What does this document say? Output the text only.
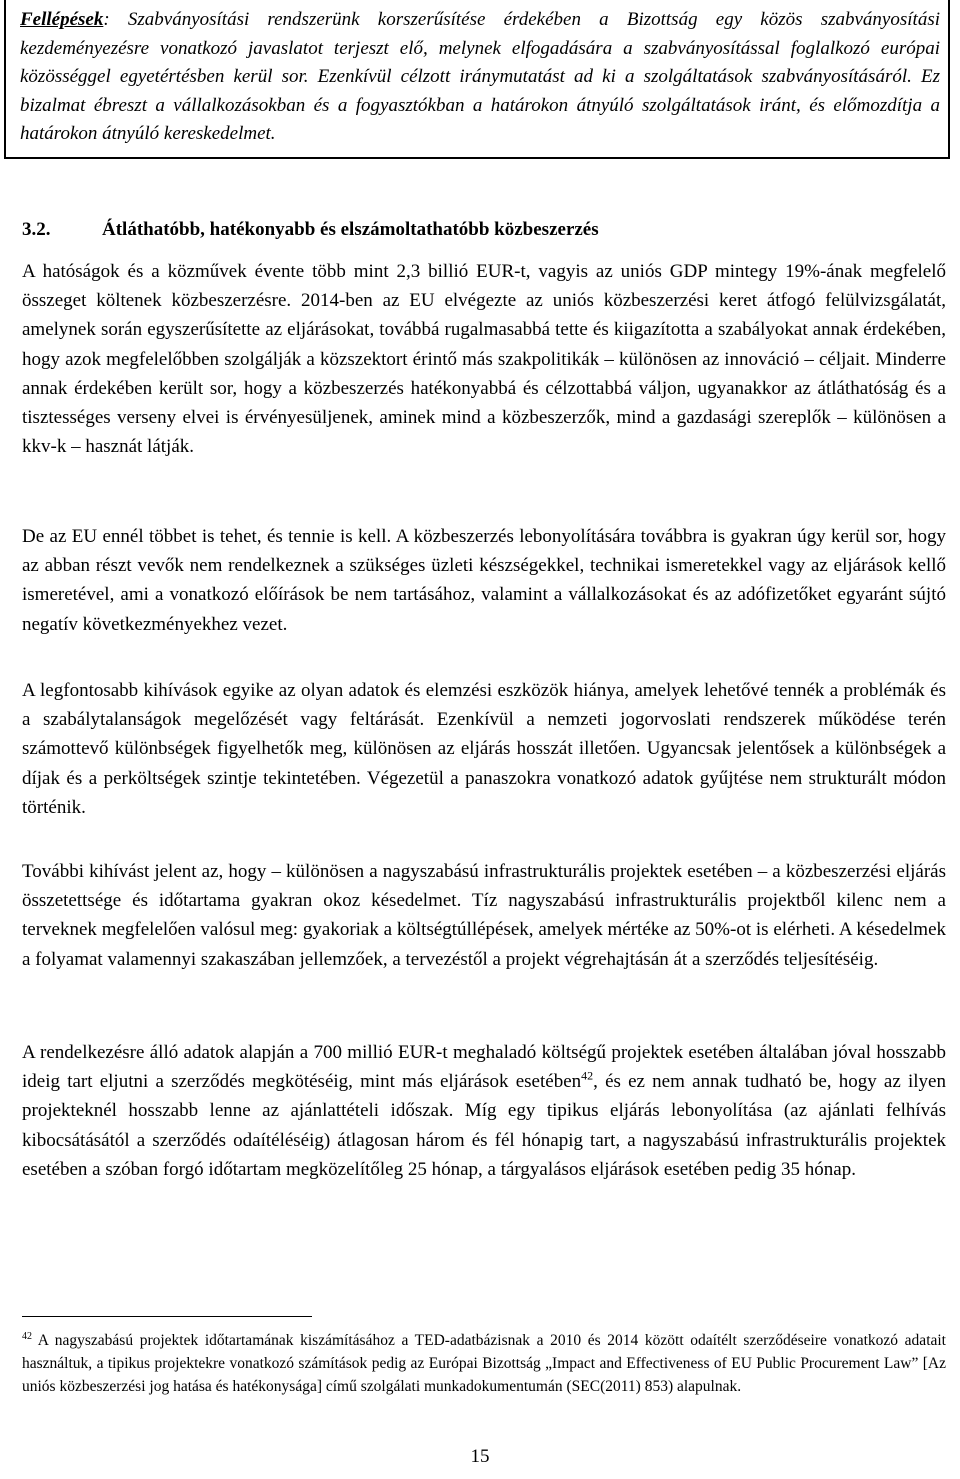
Fellépések: Szabványosítási rendszerünk korszerűsítése érdekében a Bizottság egy közös szabványosítási kezdeményezésre vonatkozó javaslatot terjeszt elő, melynek elfogadására a szabványosítással foglalkozó európai közösséggel egyetértésben kerül sor. Ezenkívül célzott iránymutatást ad ki a szolgáltatások szabványosításáról. Ez bizalmat ébreszt a vállalkozásokban és a fogyasztókban a határokon átnyúló szolgáltatások iránt, és előmozdítja a határokon átnyúló kereskedelmet.
3.2.	Átláthatóbb, hatékonyabb és elszámoltathatóbb közbeszerzés
A hatóságok és a közművek évente több mint 2,3 billió EUR-t, vagyis az uniós GDP mintegy 19%-ának megfelelő összeget költenek közbeszerzésre. 2014-ben az EU elvégezte az uniós közbeszerzési keret átfogó felülvizsgálatát, amelynek során egyszerűsítette az eljárásokat, továbbá rugalmasabbá tette és kiigazította a szabályokat annak érdekében, hogy azok megfelelőbben szolgálják a közszektort érintő más szakpolitikák – különösen az innováció – céljait. Minderre annak érdekében került sor, hogy a közbeszerzés hatékonyabbá és célzottabbá váljon, ugyanakkor az átláthatóság és a tisztességes verseny elvei is érvényesüljenek, aminek mind a közbeszerzők, mind a gazdasági szereplők – különösen a kkv-k – hasznát látják.
De az EU ennél többet is tehet, és tennie is kell. A közbeszerzés lebonyolítására továbbra is gyakran úgy kerül sor, hogy az abban részt vevők nem rendelkeznek a szükséges üzleti készségekkel, technikai ismeretekkel vagy az eljárások kellő ismeretével, ami a vonatkozó előírások be nem tartásához, valamint a vállalkozásokat és az adófizetőket egyaránt sújtó negatív következményekhez vezet.
A legfontosabb kihívások egyike az olyan adatok és elemzési eszközök hiánya, amelyek lehetővé tennék a problémák és a szabálytalanságok megelőzését vagy feltárását. Ezenkívül a nemzeti jogorvoslati rendszerek működése terén számottevő különbségek figyelhetők meg, különösen az eljárás hosszát illetően. Ugyancsak jelentősek a különbségek a díjak és a perköltségek szintje tekintetében. Végezetül a panaszokra vonatkozó adatok gyűjtése nem strukturált módon történik.
További kihívást jelent az, hogy – különösen a nagyszabású infrastrukturális projektek esetében – a közbeszerzési eljárás összetettsége és időtartama gyakran okoz késedelmet. Tíz nagyszabású infrastrukturális projektből kilenc nem a terveknek megfelelően valósul meg: gyakoriak a költségtúllépések, amelyek mértéke az 50%-ot is elérheti. A késedelmek a folyamat valamennyi szakaszában jellemzőek, a tervezéstől a projekt végrehajtásán át a szerződés teljesítéséig.
A rendelkezésre álló adatok alapján a 700 millió EUR-t meghaladó költségű projektek esetében általában jóval hosszabb ideig tart eljutni a szerződés megkötéséig, mint más eljárások esetében$^{42}$, és ez nem annak tudható be, hogy az ilyen projekteknél hosszabb lenne az ajánlattételi időszak. Míg egy tipikus eljárás lebonyolítása (az ajánlati felhívás kibocsátásától a szerződés odaítéléséig) átlagosan három és fél hónapig tart, a nagyszabású infrastrukturális projektek esetében a szóban forgó időtartam megközelítőleg 25 hónap, a tárgyalásos eljárások esetében pedig 35 hónap.
$^{42}$ A nagyszabású projektek időtartamának kiszámításához a TED-adatbázisnak a 2010 és 2014 között odaítélt szerződéseire vonatkozó adatait használtuk, a tipikus projektekre vonatkozó számítások pedig az Európai Bizottság „Impact and Effectiveness of EU Public Procurement Law” [Az uniós közbeszerzési jog hatása és hatékonysága] című szolgálati munkadokumentumán (SEC(2011) 853) alapulnak.
15
